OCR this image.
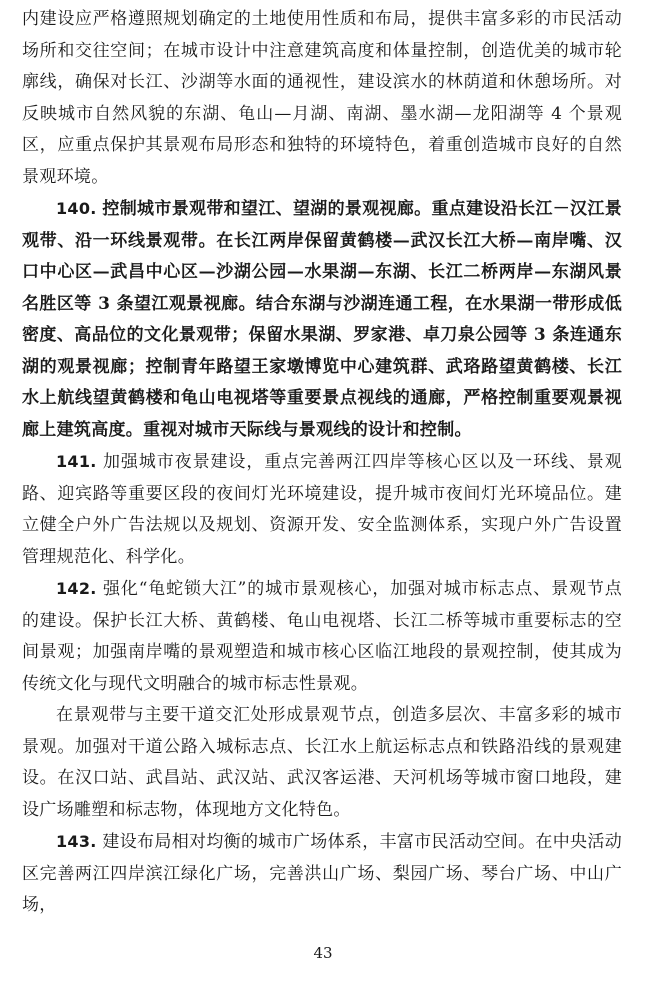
内建设应严格遵照规划确定的土地使用性质和布局，提供丰富多彩的市民活动场所和交往空间；在城市设计中注意建筑高度和体量控制，创造优美的城市轮廓线，确保对长江、沙湖等水面的通视性，建设滨水的林荫道和休憩场所。对反映城市自然风貌的东湖、龟山—月湖、南湖、墨水湖—龙阳湖等 4 个景观区，应重点保护其景观布局形态和独特的环境特色，着重创造城市良好的自然景观环境。

140. 控制城市景观带和望江、望湖的景观视廊。重点建设沿长江－汉江景观带、沿一环线景观带。在长江两岸保留黄鹤楼—武汉长江大桥—南岸嘴、汉口中心区—武昌中心区—沙湖公园—水果湖—东湖、长江二桥两岸—东湖风景名胜区等 3 条望江观景视廊。结合东湖与沙湖连通工程，在水果湖一带形成低密度、高品位的文化景观带；保留水果湖、罗家港、卓刀泉公园等 3 条连通东湖的观景视廊；控制青年路望王家墩博览中心建筑群、武珞路望黄鹤楼、长江水上航线望黄鹤楼和龟山电视塔等重要景点视线的通廊，严格控制重要观景视廊上建筑高度。重视对城市天际线与景观线的设计和控制。

141. 加强城市夜景建设，重点完善两江四岸等核心区以及一环线、景观路、迎宾路等重要区段的夜间灯光环境建设，提升城市夜间灯光环境品位。建立健全户外广告法规以及规划、资源开发、安全监测体系，实现户外广告设置管理规范化、科学化。

142. 强化“龟蛇锁大江”的城市景观核心，加强对城市标志点、景观节点的建设。保护长江大桥、黄鹤楼、龟山电视塔、长江二桥等城市重要标志的空间景观；加强南岸嘴的景观塑造和城市核心区临江地段的景观控制，使其成为传统文化与现代文明融合的城市标志性景观。

在景观带与主要干道交汇处形成景观节点，创造多层次、丰富多彩的城市景观。加强对干道公路入城标志点、长江水上航运标志点和铁路沿线的景观建设。在汉口站、武昌站、武汉站、武汉客运港、天河机场等城市窗口地段，建设广场雕塑和标志物，体现地方文化特色。

143. 建设布局相对均衡的城市广场体系，丰富市民活动空间。在中央活动区完善两江四岸滨江绿化广场，完善洪山广场、梨园广场、琴台广场、中山广场，

43
